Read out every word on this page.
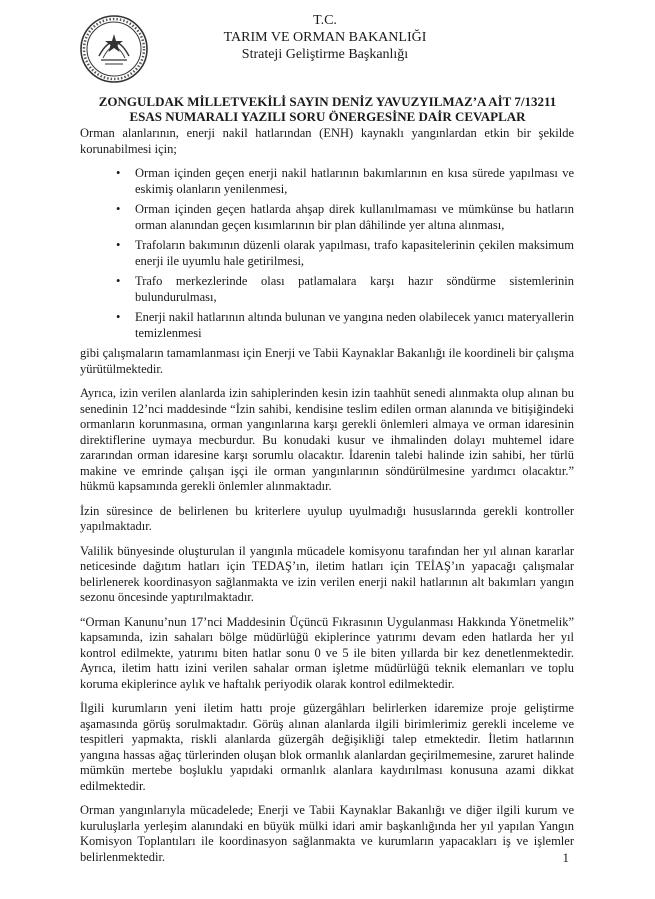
T.C.
TARIM VE ORMAN BAKANLIĞI
Strateji Geliştirme Başkanlığı
ZONGULDAK MİLLETVEKİLİ SAYIN DENİZ YAVUZYILMAZ’A AİT 7/13211
ESAS NUMARALI YAZILI SORU ÖNERGESİNE DAİR CEVAPLAR

Orman alanlarının, enerji nakil hatlarından (ENH) kaynaklı yangınlardan etkin bir şekilde korunabilmesi için;

• Orman içinden geçen enerji nakil hatlarının bakımlarının en kısa sürede yapılması ve eskimiş olanların yenilenmesi,
• Orman içinden geçen hatlarda ahşap direk kullanılmaması ve mümkünse bu hatların orman alanından geçen kısımlarının bir plan dâhilinde yer altına alınması,
• Trafoların bakımının düzenli olarak yapılması, trafo kapasitelerinin çekilen maksimum enerji ile uyumlu hale getirilmesi,
• Trafo merkezlerinde olası patlamalara karşı hazır söndürme sistemlerinin bulundurulması,
• Enerji nakil hatlarının altında bulunan ve yangına neden olabilecek yanıcı materyallerin temizlenmesi

gibi çalışmaların tamamlanması için Enerji ve Tabii Kaynaklar Bakanlığı ile koordineli bir çalışma yürütülmektedir.

Ayrıca, izin verilen alanlarda izin sahiplerinden kesin izin taahhüt senedi alınmakta olup alınan bu senedinin 12’nci maddesinde “İzin sahibi, kendisine teslim edilen orman alanında ve bitişiğindeki ormanların korunmasına, orman yangınlarına karşı gerekli önlemleri almaya ve orman idaresinin direktiflerine uymaya mecburdur. Bu konudaki kusur ve ihmalinden dolayı muhtemel idare zararından orman idaresine karşı sorumlu olacaktır. İdarenin talebi halinde izin sahibi, her türlü makine ve emrinde çalışan işçi ile orman yangınlarının söndürülmesine yardımcı olacaktır.” hükmü kapsamında gerekli önlemler alınmaktadır.

İzin süresince de belirlenen bu kriterlere uyulup uyulmadığı hususlarında gerekli kontroller yapılmaktadır.

Valilik bünyesinde oluşturulan il yangınla mücadele komisyonu tarafından her yıl alınan kararlar neticesinde dağıtım hatları için TEDAŞ’ın, iletim hatları için TEİAŞ’ın yapacağı çalışmalar belirlenerek koordinasyon sağlanmakta ve izin verilen enerji nakil hatlarının alt bakımları yangın sezonu öncesinde yaptırılmaktadır.

“Orman Kanunu’nun 17’nci Maddesinin Üçüncü Fıkrasının Uygulanması Hakkında Yönetmelik” kapsamında, izin sahaları bölge müdürlüğü ekiplerince yatırımı devam eden hatlarda her yıl kontrol edilmekte, yatırımı biten hatlar sonu 0 ve 5 ile biten yıllarda bir kez denetlenmektedir. Ayrıca, iletim hattı izini verilen sahalar orman işletme müdürlüğü teknik elemanları ve toplu koruma ekiplerince aylık ve haftalık periyodik olarak kontrol edilmektedir.

İlgili kurumların yeni iletim hattı proje güzergâhları belirlerken idaremize proje geliştirme aşamasında görüş sorulmaktadır. Görüş alınan alanlarda ilgili birimlerimiz gerekli inceleme ve tespitleri yapmakta, riskli alanlarda güzergâh değişikliği talep etmektedir. İletim hatlarının yangına hassas ağaç türlerinden oluşan blok ormanlık alanlardan geçirilmemesine, zaruret halinde mümkün mertebe boşluklu yapıdaki ormanlık alanlara kaydırılması konusuna azami dikkat edilmektedir.

Orman yangınlarıyla mücadelede; Enerji ve Tabii Kaynaklar Bakanlığı ve diğer ilgili kurum ve kuruluşlarla yerleşim alanındaki en büyük mülki idari amir başkanlığında her yıl yapılan Yangın Komisyon Toplantıları ile koordinasyon sağlanmakta ve kurumların yapacakları iş ve işlemler belirlenmektedir.	1
